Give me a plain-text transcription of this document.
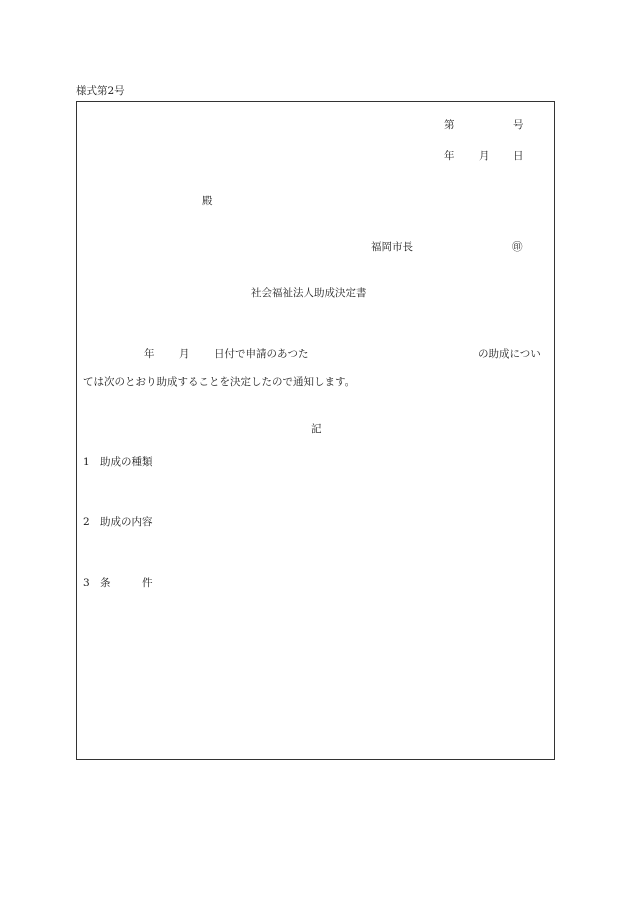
様式第2号
第	号
年 月 日
殿
福岡市長	㊞
社会福祉法人助成決定書
年 月 日付で申請のあつた	の助成につい
ては次のとおり助成することを決定したので通知します。
記
1 助成の種類
2 助成の内容
3 条　　　件
